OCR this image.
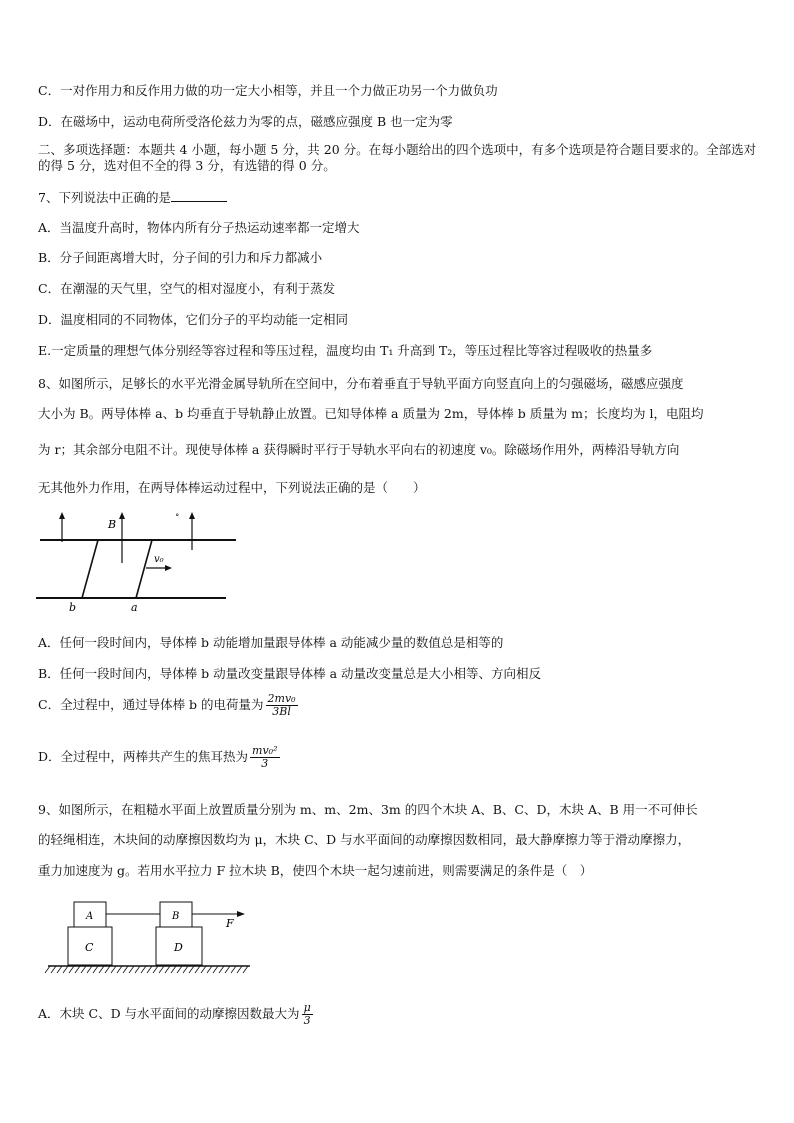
C．一对作用力和反作用力做的功一定大小相等，并且一个力做正功另一个力做负功
D．在磁场中，运动电荷所受洛伦兹力为零的点，磁感应强度 B 也一定为零
二、多项选择题：本题共 4 小题，每小题 5 分，共 20 分。在每小题给出的四个选项中，有多个选项是符合题目要求的。全部选对的得 5 分，选对但不全的得 3 分，有选错的得 0 分。
7、下列说法中正确的是
A．当温度升高时，物体内所有分子热运动速率都一定增大
B．分子间距离增大时，分子间的引力和斥力都减小
C．在潮湿的天气里，空气的相对湿度小，有利于蒸发
D．温度相同的不同物体，它们分子的平均动能一定相同
E.一定质量的理想气体分别经等容过程和等压过程，温度均由 T₁ 升高到 T₂，等压过程比等容过程吸收的热量多
8、如图所示，足够长的水平光滑金属导轨所在空间中，分布着垂直于导轨平面方向竖直向上的匀强磁场，磁感应强度
大小为 B。两导体棒 a、b 均垂直于导轨静止放置。已知导体棒 a 质量为 2m，导体棒 b 质量为 m；长度均为 l，电阻均
为 r；其余部分电阻不计。现使导体棒 a 获得瞬时平行于导轨水平向右的初速度 v₀。除磁场作用外，两棒沿导轨方向
无其他外力作用，在两导体棒运动过程中，下列说法正确的是（　　）
˚
B
v₀
b	a
A．任何一段时间内，导体棒 b 动能增加量跟导体棒 a 动能减少量的数值总是相等的
B．任何一段时间内，导体棒 b 动量改变量跟导体棒 a 动量改变量总是大小相等、方向相反
C．全过程中，通过导体棒 b 的电荷量为 $\frac{\text{2mv₀}}{3Bl}$
D．全过程中，两棒共产生的焦耳热为 $\frac{\text{mv₀²}}{3}$
9、如图所示，在粗糙水平面上放置质量分别为 m、m、2m、3m 的四个木块 A、B、C、D，木块 A、B 用一不可伸长
的轻绳相连，木块间的动摩擦因数均为 μ，木块 C、D 与水平面间的动摩擦因数相同，最大静摩擦力等于滑动摩擦力，
重力加速度为 g。若用水平拉力 F 拉木块 B，使四个木块一起匀速前进，则需要满足的条件是（　）
A	B
C	D
F
A．木块 C、D 与水平面间的动摩擦因数最大为 $\frac{\mu}{3}$
